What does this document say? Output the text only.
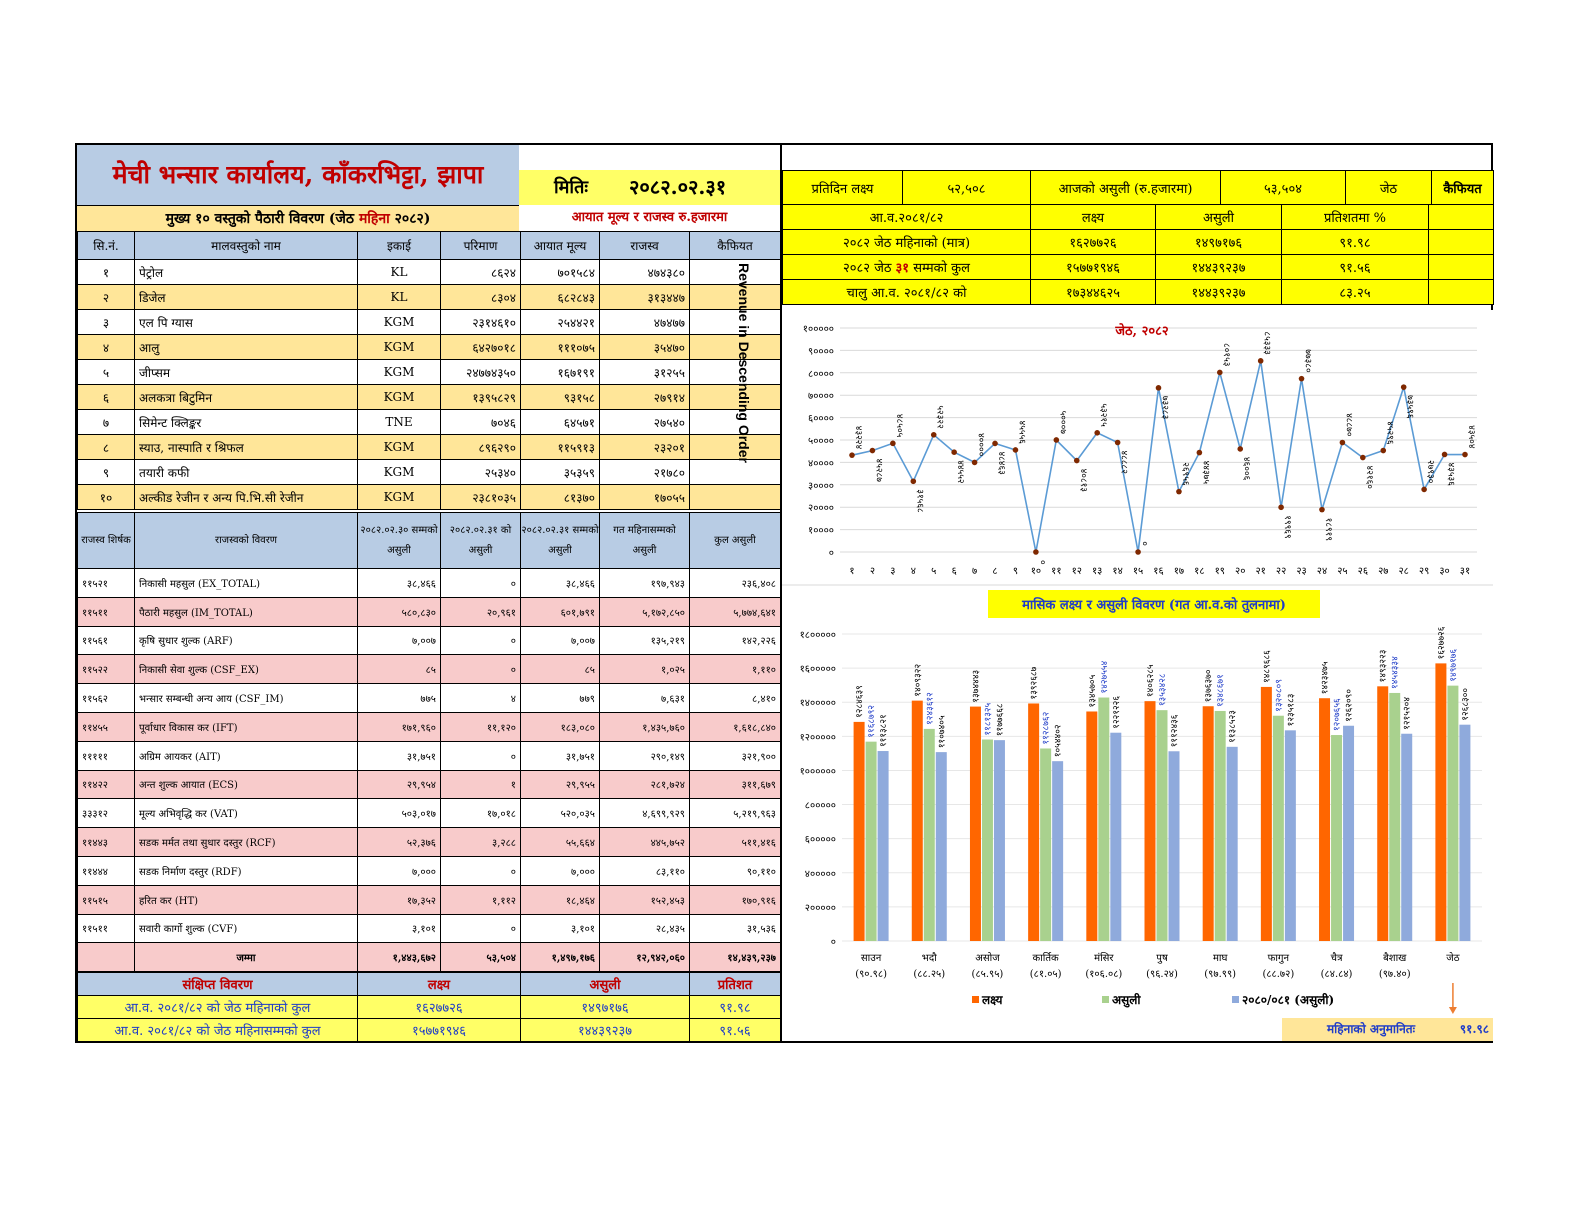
मेची भन्सार कार्यालय, काँकरभिट्टा, झापा	मितिः २०८२.०२.३१
मुख्य १० वस्तुको पैठारी विवरण (जेठ महिना २०८२)	आयात मूल्य र राजस्व रु.हजारमा
सि.नं.	मालवस्तुको नाम	इकाई	परिमाण	आयात मूल्य	राजस्व	कैफियत
१	पेट्रोल	KL	८६२४	७०१५८४	४७४३८०	
२	डिजेल	KL	८३०४	६८२८४३	३१३४४७	
३	एल पि ग्यास	KGM	२३१४६१०	२५४४२१	४७४७७	
४	आलु	KGM	६४२७०१८	१११०७५	३५४७०	
५	जीप्सम	KGM	२४७७४३५०	१६७१९१	३१२५५	
६	अलकत्रा बिटुमिन	KGM	१३९५८२९	९३१५८	२७९१४	
७	सिमेन्ट क्लिङ्कर	TNE	७०४६	६४५७१	२७५४०	
८	स्याउ, नास्पाति र श्रिफल	KGM	८९६२९०	११५९१३	२३२०१	
९	तयारी कफी	KGM	२५३४०	३५३५९	२१७८०	
१०	अल्कीड रेजीन र अन्य पि.भि.सी रेजीन	KGM	२३८१०३५	८१३७०	१७०५५	
Revenue in Descending Order
राजस्व शिर्षक	राजस्वको विवरण	२०८२.०२.३० सम्मको असुली	२०८२.०२.३१ को असुली	२०८२.०२.३१ सम्मको असुली	गत महिनासम्मको असुली	कुल असुली
११५२१	निकासी महसुल (EX_TOTAL)	३८,४६६	०	३८,४६६	१९७,९४३	२३६,४०८
११५११	पैठारी महसुल (IM_TOTAL)	५८०,८३०	२०,९६१	६०१,७९१	५,१७२,८५०	५,७७४,६४१
११५६१	कृषि सुधार शुल्क (ARF)	७,००७	०	७,००७	१३५,२१९	१४२,२२६
११५२२	निकासी सेवा शुल्क (CSF_EX)	८५	०	८५	१,०२५	१,११०
११५६२	भन्सार सम्बन्धी अन्य आय (CSF_IM)	७७५	४	७७९	७,६३१	८,४१०
११४५५	पूर्वाधार विकास कर (IFT)	१७१,९६०	११,१२०	१८३,०८०	१,४३५,७६०	१,६१८,८४०
१११११	अग्रिम आयकर (AIT)	३१,७५१	०	३१,७५१	२९०,१४९	३२१,९००
११४२२	अन्त शुल्क आयात (ECS)	२९,९५४	१	२९,९५५	२८१,७२४	३११,६७९
३३३१२	मूल्य अभिवृद्धि कर (VAT)	५०३,०१७	१७,०१८	५२०,०३५	४,६९९,९२९	५,२१९,९६३
११४४३	सडक मर्मत तथा सुधार दस्तुर (RCF)	५२,३७६	३,२८८	५५,६६४	४४५,७५२	५११,४१६
११४४४	सडक निर्माण दस्तुर (RDF)	७,०००	०	७,०००	८३,११०	९०,११०
११५१५	हरित कर (HT)	१७,३५२	१,११२	१८,४६४	१५२,४५३	१७०,९१६
११५११	सवारी कार्गो शुल्क (CVF)	३,१०१	०	३,१०१	२८,४३५	३१,५३६
	जम्मा	१,४४३,६७२	५३,५०४	१,४९७,१७६	१२,९४२,०६०	१४,४३९,२३७
संक्षिप्त विवरण	लक्ष्य	असुली	प्रतिशत
आ.व. २०८१/८२ को जेठ महिनाको कुल	१६२७७२६	१४९७१७६	९१.९८
आ.व. २०८१/८२ को जेठ महिनासम्मको कुल	१५७७१९४६	१४४३९२३७	९१.५६
प्रतिदिन लक्ष्य	५२,५०८	आजको असुली (रु.हजारमा)	५३,५०४	जेठ	कैफियत
आ.व.२०८१/८२	लक्ष्य	असुली	प्रतिशतमा %	
२०८२ जेठ महिनाको (मात्र)	१६२७७२६	१४९७१७६	९१.९८	
२०८२ जेठ ३१ सम्मको कुल	१५७७१९४६	१४४३९२३७	९१.५६	
चालु आ.व. २०८१/८२ को	१७३४४६२५	१४४३९२३७	८३.२५	
०
१००००
२००००
३००००
४००००
५००००
६००००
७००००
८००००
९००००
१०००००	जेठ, २०८२
४३२२४
१
४५२८७
२
४८५०५
३
३१५६८
४
५२३२२
५
४४५५२
६
४००००
७
४८४६३
८
४५५५६
९
०
१०
५०००७
११
४०८१३
१२
५३२१५
१३
४८८८२
१४
०
१५
७३२८३
१६
२६९५६
१७
४४३७५
१८
८०१५३
१९
४६००६
२०
८५३३३
२१
१९९६९
२२
७७३८०
२३
१८९१९
२४
४८८७०
२५
४२१६०
२६
४५२९६
२७
७३५९६
२८
२७९३०
२९
४३५३६
३०
४३५०४
३१
मासिक लक्ष्य र असुली विवरण (गत आ.व.को तुलनामा)
०
२०००००
४०००००
६०००००
८०००००
१००००००
१२०००००
१४०००००
१६०००००
१८०००००
१२८४६३९
११६८७९२ १११३८२१
साउन
(९०.९८)
१४०९३२२
१२४३६१२
११०७४०५
भदौ
(८८.२५)
१३७४४४३
११८१३२५ ११७७६६८
असोज
(८५.९५)
१३९२६८७
११२८७६२ १०५४४०२
कार्तिक
(८१.०५)
१३४५७०५ १४२७५५४
१२२१२२६
मंसिर
(१०६.०८)
१४०६२८५ १३५३४२८
१११२४३६
पुष
(९६.२४)
१३७६३७० १३४८६७१
११३८५२३
माघ
(९७.९९)
१४८९६८६
१३२०८०९ १२३५१८३
फागुन
(८८.७२)
१४२३४७५
१२०७६५६ १२६२०९०
चैत्र
(८४.८४)
१४९३२२३ १४५४३३४
१२१५२०४
बैशाख
(९७.४०)
१६२७७२६
१४९७१७६
१२६८३००
जेठ
लक्ष्य	असुली	२०८०/०८१ (असुली)
महिनाको अनुमानितः	९१.९८
